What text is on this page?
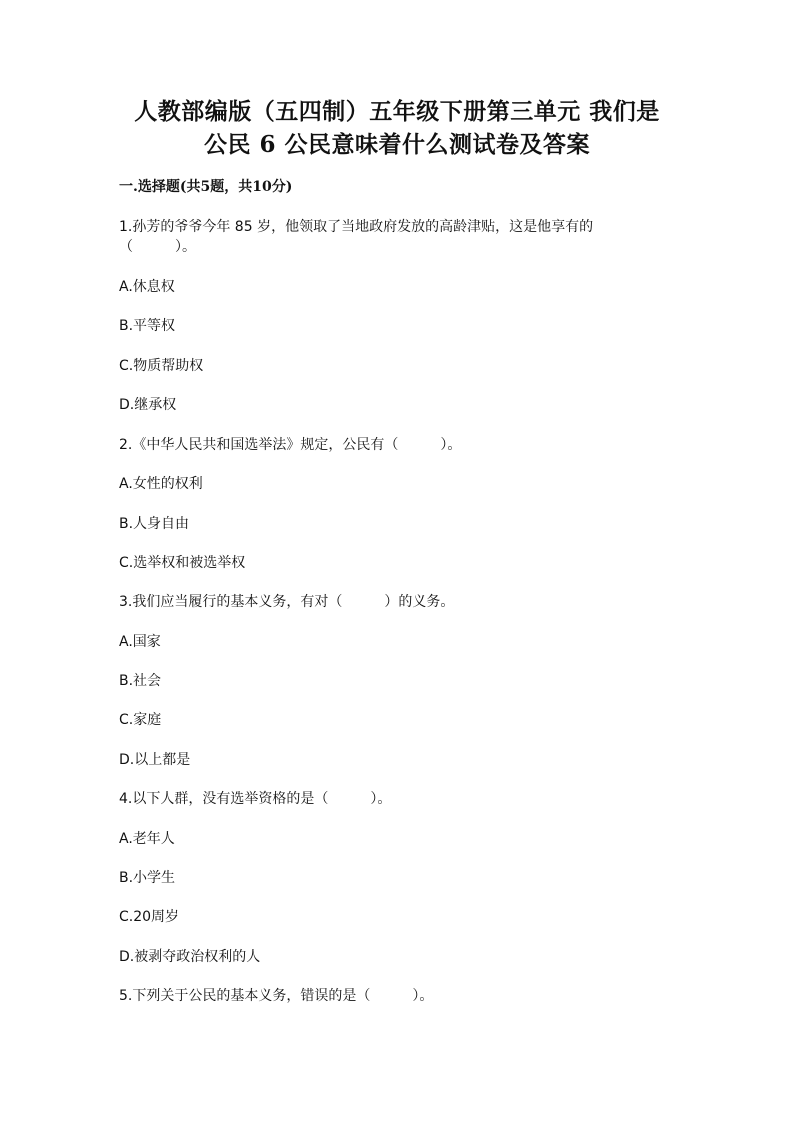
人教部编版（五四制）五年级下册第三单元 我们是
公民 6 公民意味着什么测试卷及答案
一.选择题(共5题，共10分)
1.孙芳的爷爷今年 85 岁，他领取了当地政府发放的高龄津贴，这是他享有的
（　　　）。
A.休息权
B.平等权
C.物质帮助权
D.继承权
2.《中华人民共和国选举法》规定，公民有（　　　）。
A.女性的权利
B.人身自由
C.选举权和被选举权
3.我们应当履行的基本义务，有对（　　　）的义务。
A.国家
B.社会
C.家庭
D.以上都是
4.以下人群，没有选举资格的是（　　　）。
A.老年人
B.小学生
C.20周岁
D.被剥夺政治权利的人
5.下列关于公民的基本义务，错误的是（　　　）。
